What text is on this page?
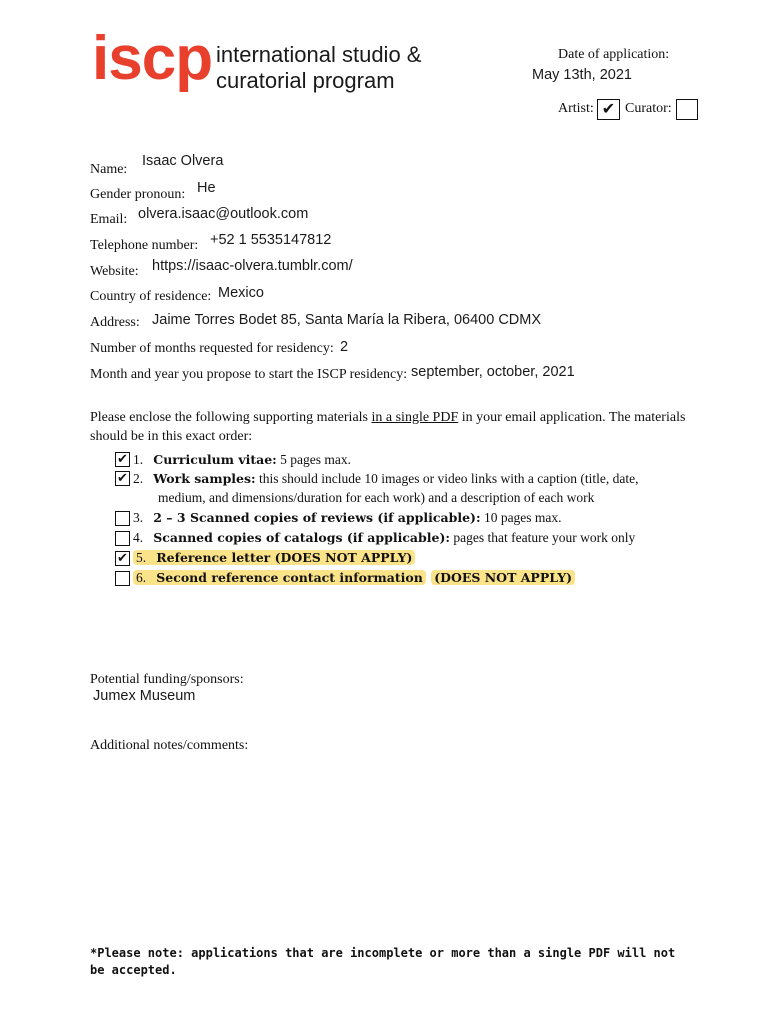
iscp international studio &
curatorial program
Date of application:
May 13th, 2021
Artist: ✔ Curator:
Name:
Isaac Olvera
Gender pronoun: He
Email: olvera.isaac@outlook.com
Telephone number: +52 1 5535147812
Website: https://isaac-olvera.tumblr.com/
Country of residence: Mexico
Address: Jaime Torres Bodet 85, Santa María la Ribera, 06400 CDMX
Number of months requested for residency: 2
Month and year you propose to start the ISCP residency: september, october, 2021
Please enclose the following supporting materials in a single PDF in your email application. The materials
should be in this exact order:
✔ 1. Curriculum vitae: 5 pages max.
✔ 2. Work samples: this should include 10 images or video links with a caption (title, date,
medium, and dimensions/duration for each work) and a description of each work
3. 2 – 3 Scanned copies of reviews (if applicable): 10 pages max.
4. Scanned copies of catalogs (if applicable): pages that feature your work only
✔ 5. Reference letter (DOES NOT APPLY)
6. Second reference contact information (DOES NOT APPLY)
Potential funding/sponsors:
Jumex Museum
Additional notes/comments:
*Please note: applications that are incomplete or more than a single PDF will not be accepted.
